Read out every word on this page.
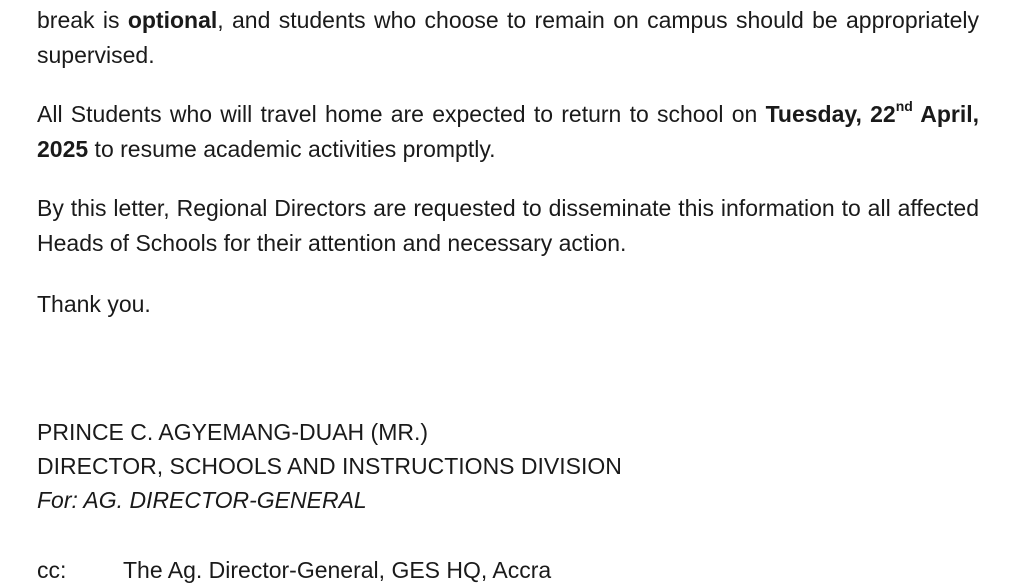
break is optional, and students who choose to remain on campus should be appropriately supervised.

All Students who will travel home are expected to return to school on Tuesday, 22nd April, 2025 to resume academic activities promptly.

By this letter, Regional Directors are requested to disseminate this information to all affected Heads of Schools for their attention and necessary action.

Thank you.

PRINCE C. AGYEMANG-DUAH (MR.)

DIRECTOR, SCHOOLS AND INSTRUCTIONS DIVISION

For: AG. DIRECTOR-GENERAL

cc: The Ag. Director-General, GES HQ, Accra
